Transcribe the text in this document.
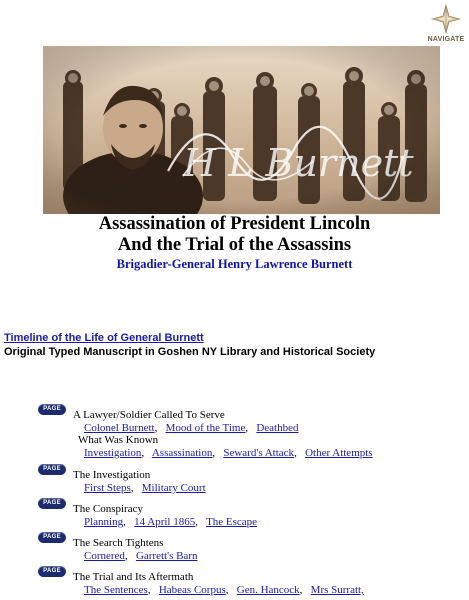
NAVIGATE
Assassination of President Lincoln
And the Trial of the Assassins
Brigadier-General Henry Lawrence Burnett
Timeline of the Life of General Burnett
Original Typed Manuscript in Goshen NY Library and Historical Society
PAGE	A Lawyer/Soldier Called To Serve
Colonel Burnett,   Mood of the Time,   Deathbed
What Was Known
Investigation,   Assassination,   Seward's Attack,   Other Attempts
PAGE	The Investigation
First Steps,   Military Court
PAGE	The Conspiracy
Planning,   14 April 1865,   The Escape
PAGE	The Search Tightens
Cornered,   Garrett's Barn
PAGE	The Trial and Its Aftermath
The Sentences,   Habeas Corpus,   Gen. Hancock,   Mrs Surratt,
